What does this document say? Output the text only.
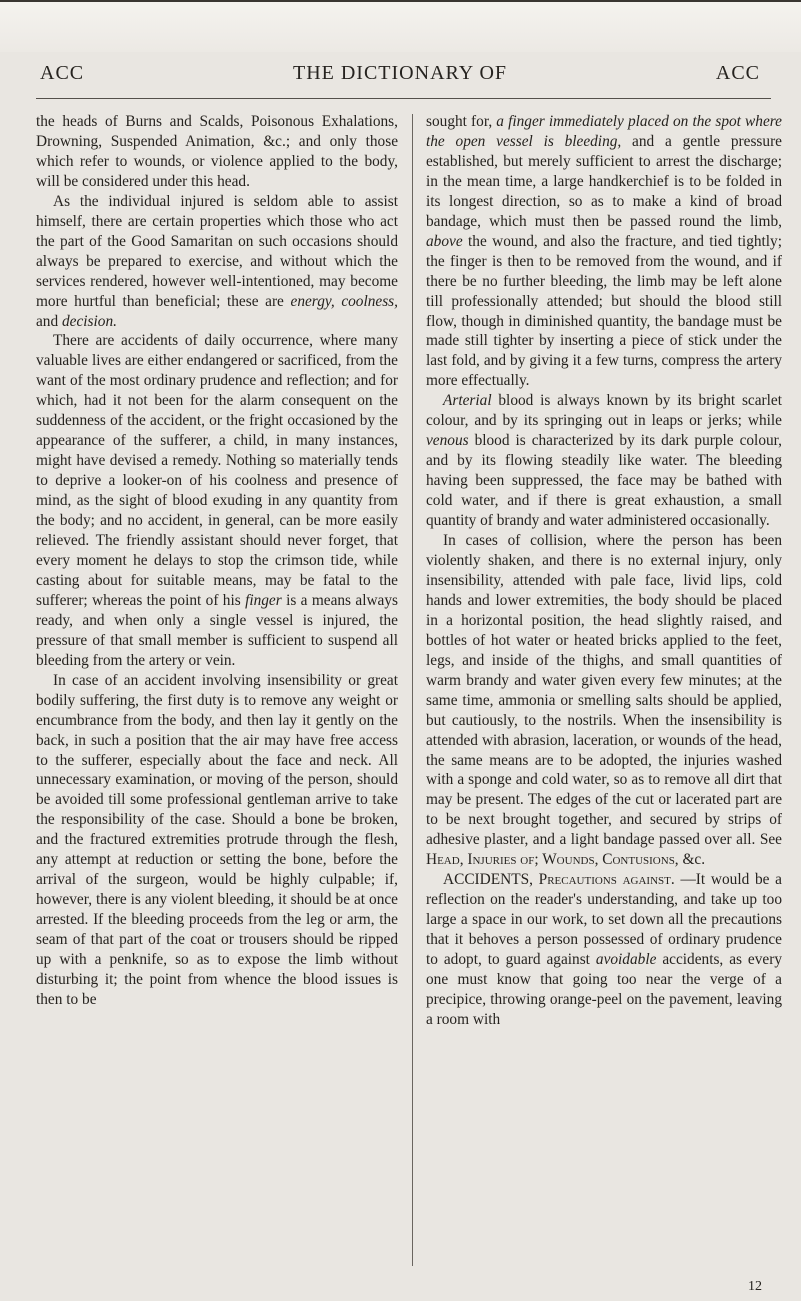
THE DICTIONARY OF
ACC	ACC

the heads of Burns and Scalds, Poisonous Exhalations, Drowning, Suspended Animation, &c.; and only those which refer to wounds, or violence applied to the body, will be considered under this head.

As the individual injured is seldom able to assist himself, there are certain properties which those who act the part of the Good Samaritan on such occasions should always be prepared to exercise, and without which the services rendered, however well-intentioned, may become more hurtful than beneficial; these are energy, coolness, and decision.

There are accidents of daily occurrence, where many valuable lives are either endangered or sacrificed, from the want of the most ordinary prudence and reflection; and for which, had it not been for the alarm consequent on the suddenness of the accident, or the fright occasioned by the appearance of the sufferer, a child, in many instances, might have devised a remedy. Nothing so materially tends to deprive a looker-on of his coolness and presence of mind, as the sight of blood exuding in any quantity from the body; and no accident, in general, can be more easily relieved. The friendly assistant should never forget, that every moment he delays to stop the crimson tide, while casting about for suitable means, may be fatal to the sufferer; whereas the point of his finger is a means always ready, and when only a single vessel is injured, the pressure of that small member is sufficient to suspend all bleeding from the artery or vein.

In case of an accident involving insensibility or great bodily suffering, the first duty is to remove any weight or encumbrance from the body, and then lay it gently on the back, in such a position that the air may have free access to the sufferer, especially about the face and neck. All unnecessary examination, or moving of the person, should be avoided till some professional gentleman arrive to take the responsibility of the case. Should a bone be broken, and the fractured extremities protrude through the flesh, any attempt at reduction or setting the bone, before the arrival of the surgeon, would be highly culpable; if, however, there is any violent bleeding, it should be at once arrested. If the bleeding proceeds from the leg or arm, the seam of that part of the coat or trousers should be ripped up with a penknife, so as to expose the limb without disturbing it; the point from whence the blood issues is then to be

sought for, a finger immediately placed on the spot where the open vessel is bleeding, and a gentle pressure established, but merely sufficient to arrest the discharge; in the mean time, a large handkerchief is to be folded in its longest direction, so as to make a kind of broad bandage, which must then be passed round the limb, above the wound, and also the fracture, and tied tightly; the finger is then to be removed from the wound, and if there be no further bleeding, the limb may be left alone till professionally attended; but should the blood still flow, though in diminished quantity, the bandage must be made still tighter by inserting a piece of stick under the last fold, and by giving it a few turns, compress the artery more effectually.

Arterial blood is always known by its bright scarlet colour, and by its springing out in leaps or jerks; while venous blood is characterized by its dark purple colour, and by its flowing steadily like water. The bleeding having been suppressed, the face may be bathed with cold water, and if there is great exhaustion, a small quantity of brandy and water administered occasionally.

In cases of collision, where the person has been violently shaken, and there is no external injury, only insensibility, attended with pale face, livid lips, cold hands and lower extremities, the body should be placed in a horizontal position, the head slightly raised, and bottles of hot water or heated bricks applied to the feet, legs, and inside of the thighs, and small quantities of warm brandy and water given every few minutes; at the same time, ammonia or smelling salts should be applied, but cautiously, to the nostrils. When the insensibility is attended with abrasion, laceration, or wounds of the head, the same means are to be adopted, the injuries washed with a sponge and cold water, so as to remove all dirt that may be present. The edges of the cut or lacerated part are to be next brought together, and secured by strips of adhesive plaster, and a light bandage passed over all. See Head, Injuries of; Wounds, Contusions, &c.

ACCIDENTS, Precautions against. —It would be a reflection on the reader's understanding, and take up too large a space in our work, to set down all the precautions that it behoves a person possessed of ordinary prudence to adopt, to guard against avoidable accidents, as every one must know that going too near the verge of a precipice, throwing orange-peel on the pavement, leaving a room with

12
